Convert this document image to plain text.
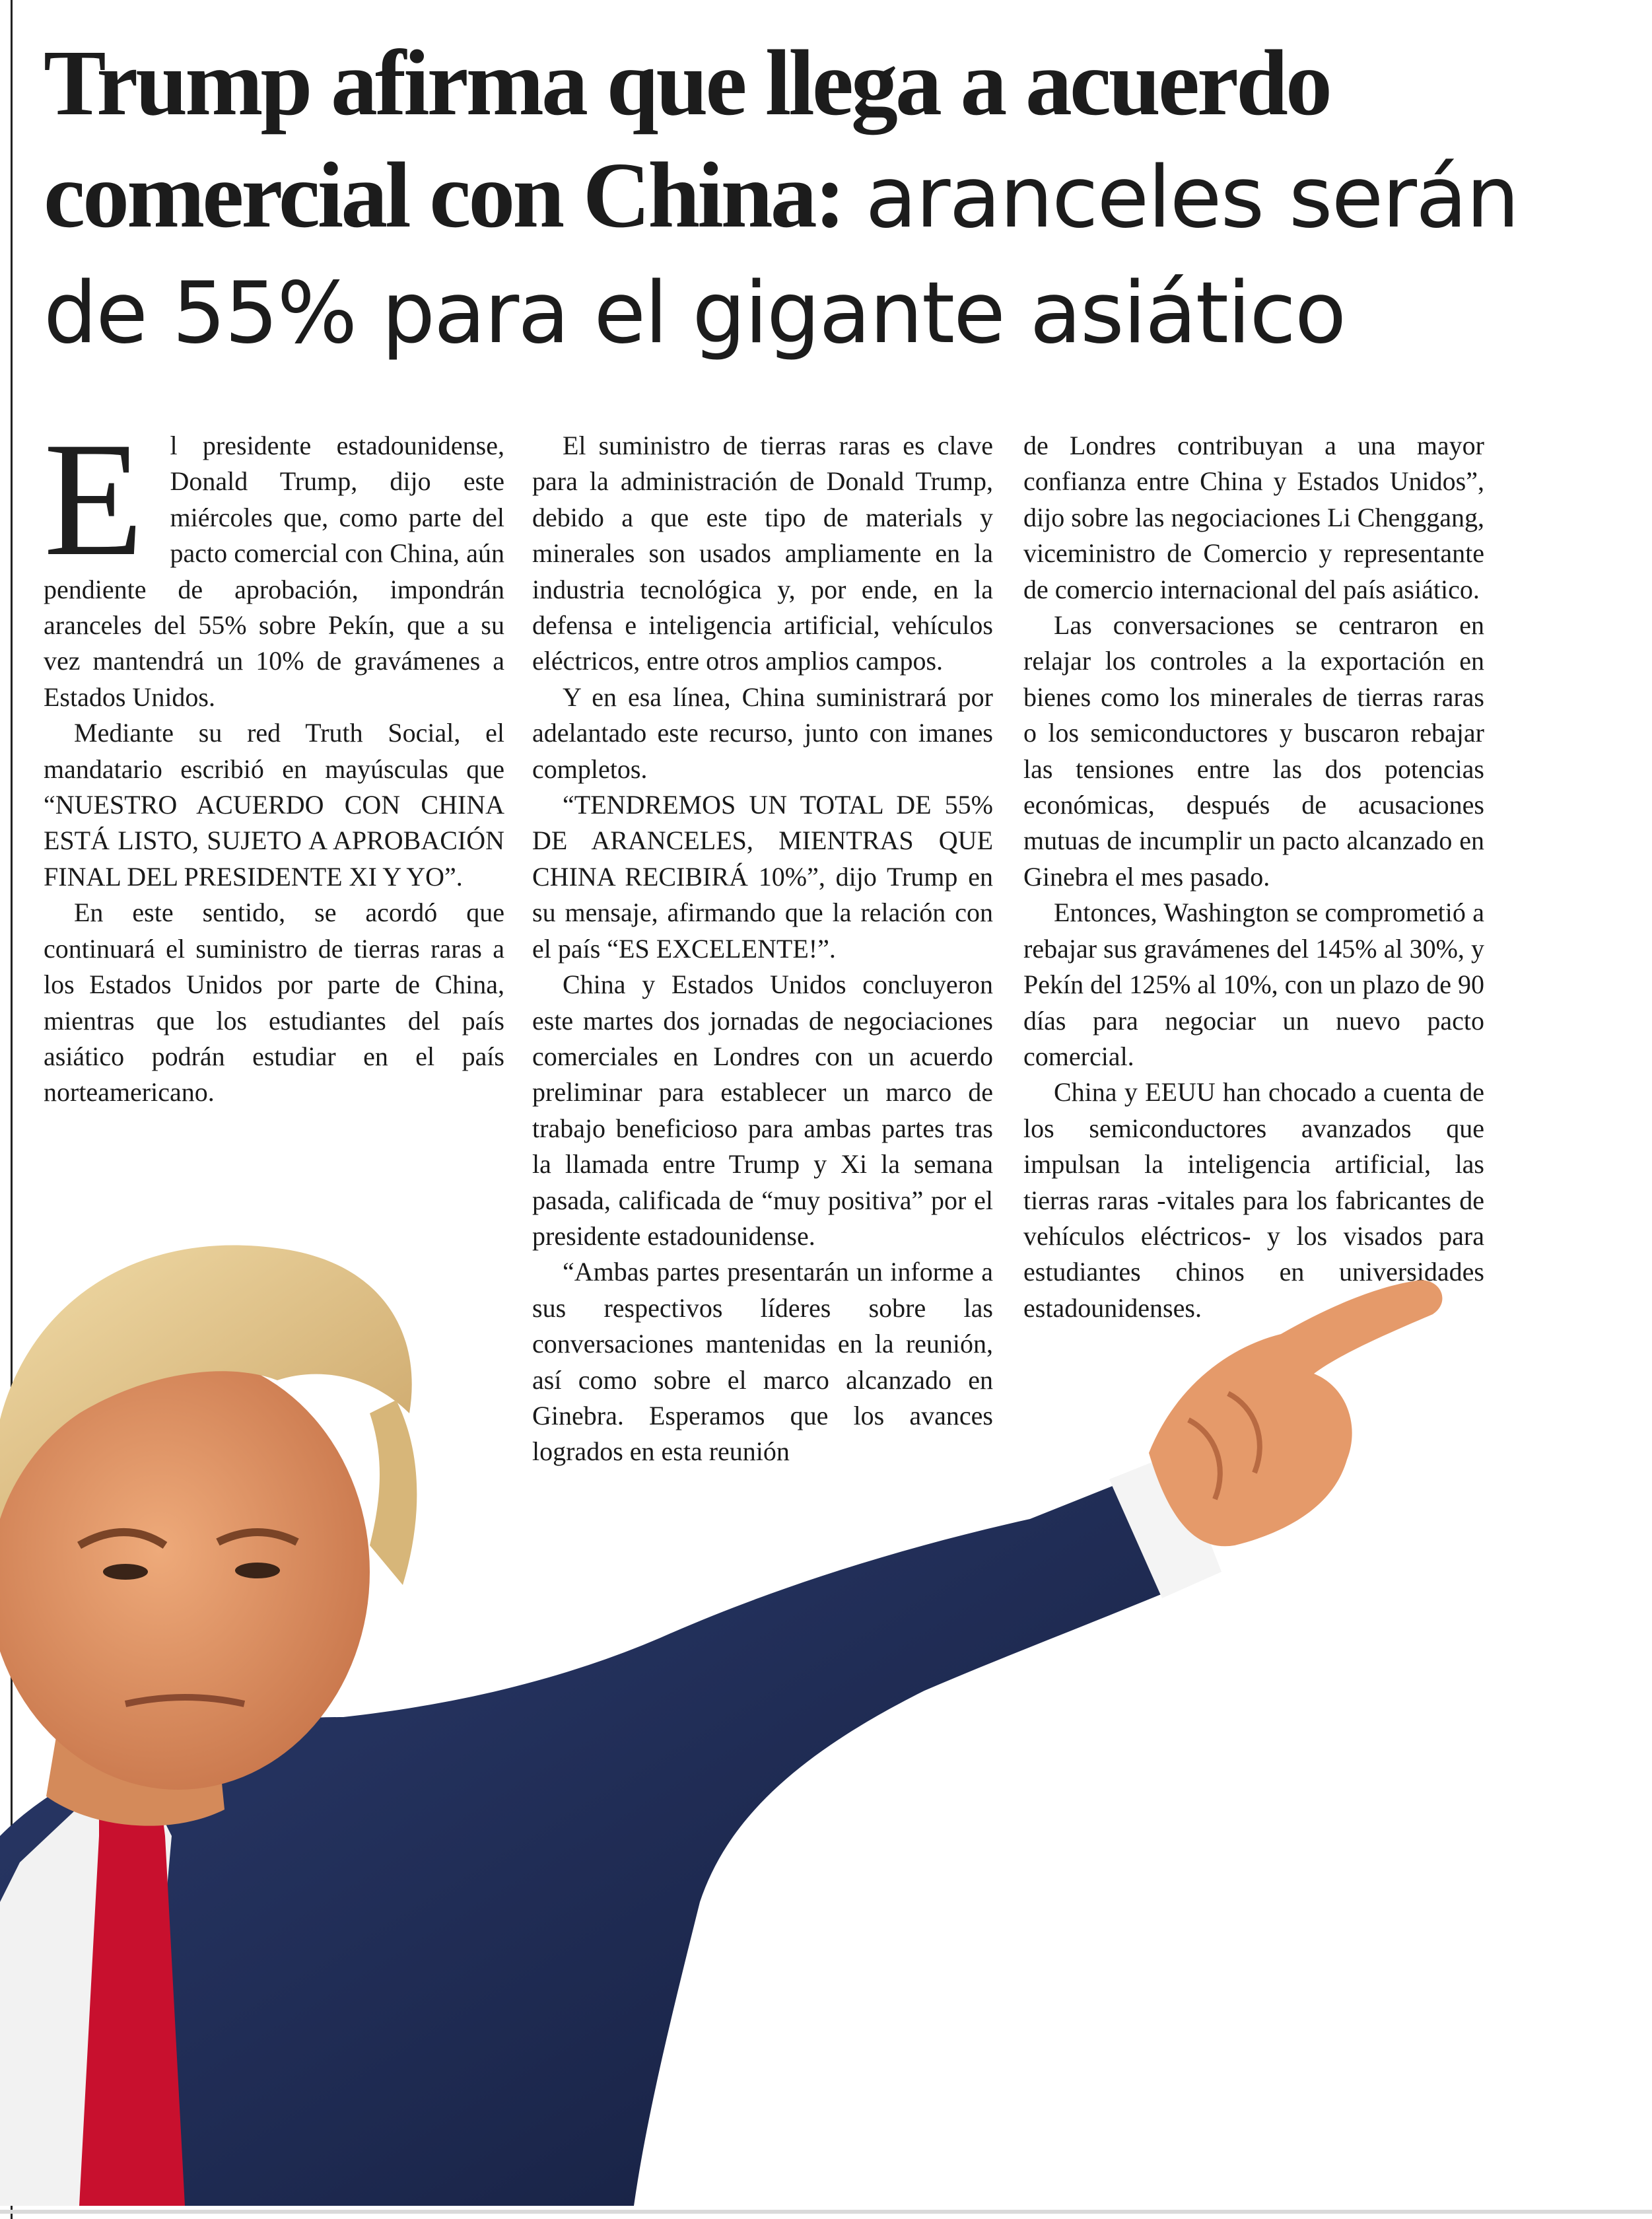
Trump afirma que llega a acuerdo comercial con China: aranceles serán de 55% para el gigante asiático

E l presidente estadounidense, Donald Trump, dijo este miércoles que, como parte del pacto comercial con China, aún pendiente de aprobación, impondrán aranceles del 55% sobre Pekín, que a su vez mantendrá un 10% de gravámenes a Estados Unidos.

Mediante su red Truth Social, el mandatario escribió en mayúsculas que “NUESTRO ACUERDO CON CHINA ESTÁ LISTO, SUJETO A APROBACIÓN FINAL DEL PRESIDENTE XI Y YO”.

En este sentido, se acordó que continuará el suministro de tierras raras a los Estados Unidos por parte de China, mientras que los estudiantes del país asiático podrán estudiar en el país norteamericano.

El suministro de tierras raras es clave para la administración de Donald Trump, debido a que este tipo de materials y minerales son usados ampliamente en la industria tecnológica y, por ende, en la defensa e inteligencia artificial, vehículos eléctricos, entre otros amplios campos.

Y en esa línea, China suministrará por adelantado este recurso, junto con imanes completos.

“TENDREMOS UN TOTAL DE 55% DE ARANCELES, MIENTRAS QUE CHINA RECIBIRÁ 10%”, dijo Trump en su mensaje, afirmando que la relación con el país “ES EXCELENTE!”.

China y Estados Unidos concluyeron este martes dos jornadas de negociaciones comerciales en Londres con un acuerdo preliminar para establecer un marco de trabajo beneficioso para ambas partes tras la llamada entre Trump y Xi la semana pasada, calificada de “muy positiva” por el presidente estadounidense.

“Ambas partes presentarán un informe a sus respectivos líderes sobre las conversaciones mantenidas en la reunión, así como sobre el marco alcanzado en Ginebra. Esperamos que los avances logrados en esta reunión

de Londres contribuyan a una mayor confianza entre China y Estados Unidos”, dijo sobre las negociaciones Li Chenggang, viceministro de Comercio y representante de comercio internacional del país asiático.

Las conversaciones se centraron en relajar los controles a la exportación en bienes como los minerales de tierras raras o los semiconductores y buscaron rebajar las tensiones entre las dos potencias económicas, después de acusaciones mutuas de incumplir un pacto alcanzado en Ginebra el mes pasado.

Entonces, Washington se comprometió a rebajar sus gravámenes del 145% al 30%, y Pekín del 125% al 10%, con un plazo de 90 días para negociar un nuevo pacto comercial.

China y EEUU han chocado a cuenta de los semiconductores avanzados que impulsan la inteligencia artificial, las tierras raras -vitales para los fabricantes de vehículos eléctricos- y los visados para estudiantes chinos en universidades estadounidenses.
